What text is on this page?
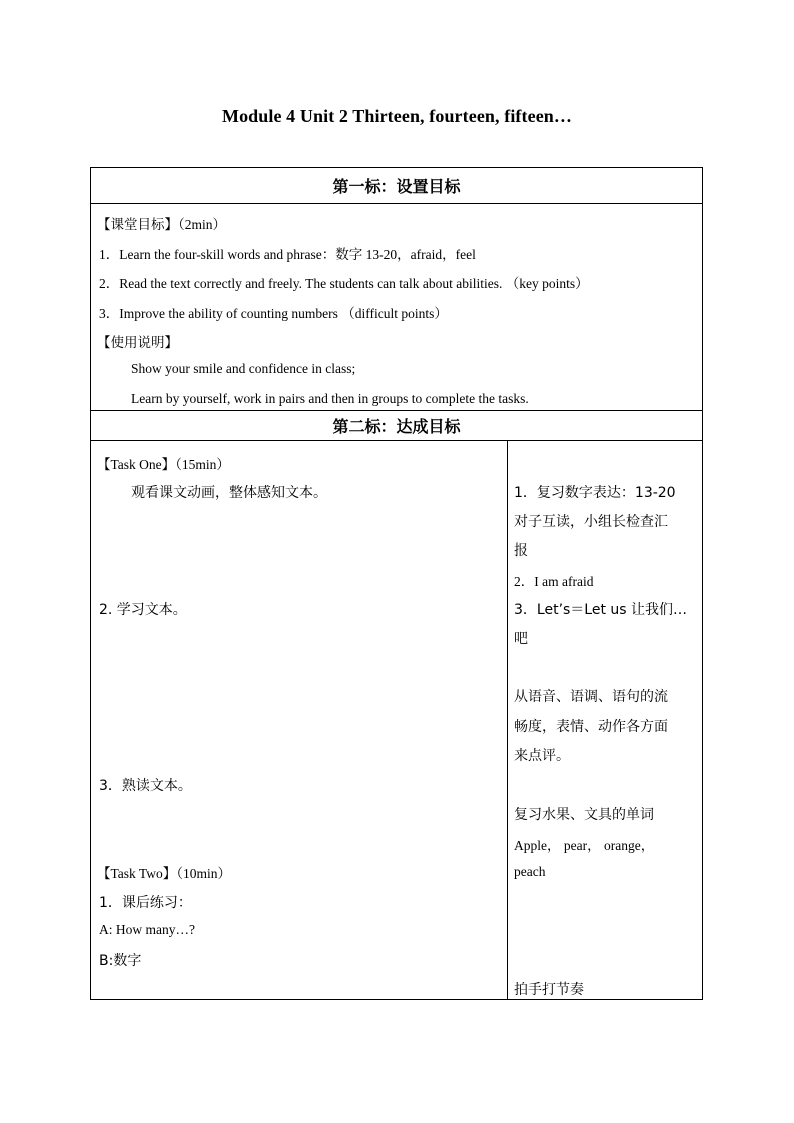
Module 4 Unit 2 Thirteen, fourteen, fifteen…
第一标：设置目标

【课堂目标】（2min）
1．Learn the four-skill words and phrase：数字 13-20，afraid，feel
2．Read the text correctly and freely. The students can talk about abilities. （key points）
3．Improve the ability of counting numbers （difficult points）
【使用说明】
Show your smile and confidence in class;
Learn by yourself, work in pairs and then in groups to complete the tasks.

第二标：达成目标

【Task One】（15min）
观看课文动画，整体感知文本。
2. 学习文本。
3．熟读文本。
【Task Two】（10min）
1．课后练习：
A: How many…?
B:数字

1．复习数字表达：13-20
对子互读，小组长检查汇
报
2．I am afraid
3．Let’s＝Let us 让我们…
吧
从语音、语调、语句的流
畅度，表情、动作各方面
来点评。
复习水果、文具的单词
Apple， pear， orange，
peach
拍手打节奏
